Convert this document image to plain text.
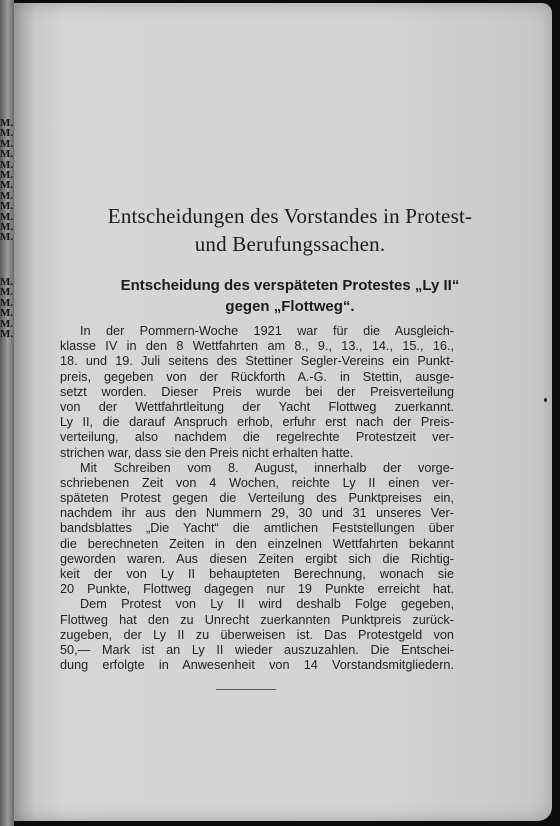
M.
M.
M.
M.
M.
M.
M.
M.
M.
M.
M.
M.
M.
M.
M.
M.
M.
M.
Entscheidungen des Vorstandes in Protest-
und Berufungssachen.
Entscheidung des verspäteten Protestes „Ly II“
gegen „Flottweg“.
In der Pommern-Woche 1921 war für die Ausgleich-
klasse IV in den 8 Wettfahrten am 8., 9., 13., 14., 15., 16.,
18. und 19. Juli seitens des Stettiner Segler-Vereins ein Punkt-
preis, gegeben von der Rückforth A.-G. in Stettin, ausge-
setzt worden. Dieser Preis wurde bei der Preisverteilung
von der Wettfahrtleitung der Yacht Flottweg zuerkannt.
Ly II, die darauf Anspruch erhob, erfuhr erst nach der Preis-
verteilung, also nachdem die regelrechte Protestzeit ver-
strichen war, dass sie den Preis nicht erhalten hatte.
Mit Schreiben vom 8. August, innerhalb der vorge-
schriebenen Zeit von 4 Wochen, reichte Ly II einen ver-
späteten Protest gegen die Verteilung des Punktpreises ein,
nachdem ihr aus den Nummern 29, 30 und 31 unseres Ver-
bandsblattes „Die Yacht“ die amtlichen Feststellungen über
die berechneten Zeiten in den einzelnen Wettfahrten bekannt
geworden waren. Aus diesen Zeiten ergibt sich die Richtig-
keit der von Ly II behaupteten Berechnung, wonach sie
20 Punkte, Flottweg dagegen nur 19 Punkte erreicht hat.
Dem Protest von Ly II wird deshalb Folge gegeben,
Flottweg hat den zu Unrecht zuerkannten Punktpreis zurück-
zugeben, der Ly II zu überweisen ist. Das Protestgeld von
50,— Mark ist an Ly II wieder auszuzahlen. Die Entschei-
dung erfolgte in Anwesenheit von 14 Vorstandsmitgliedern.
